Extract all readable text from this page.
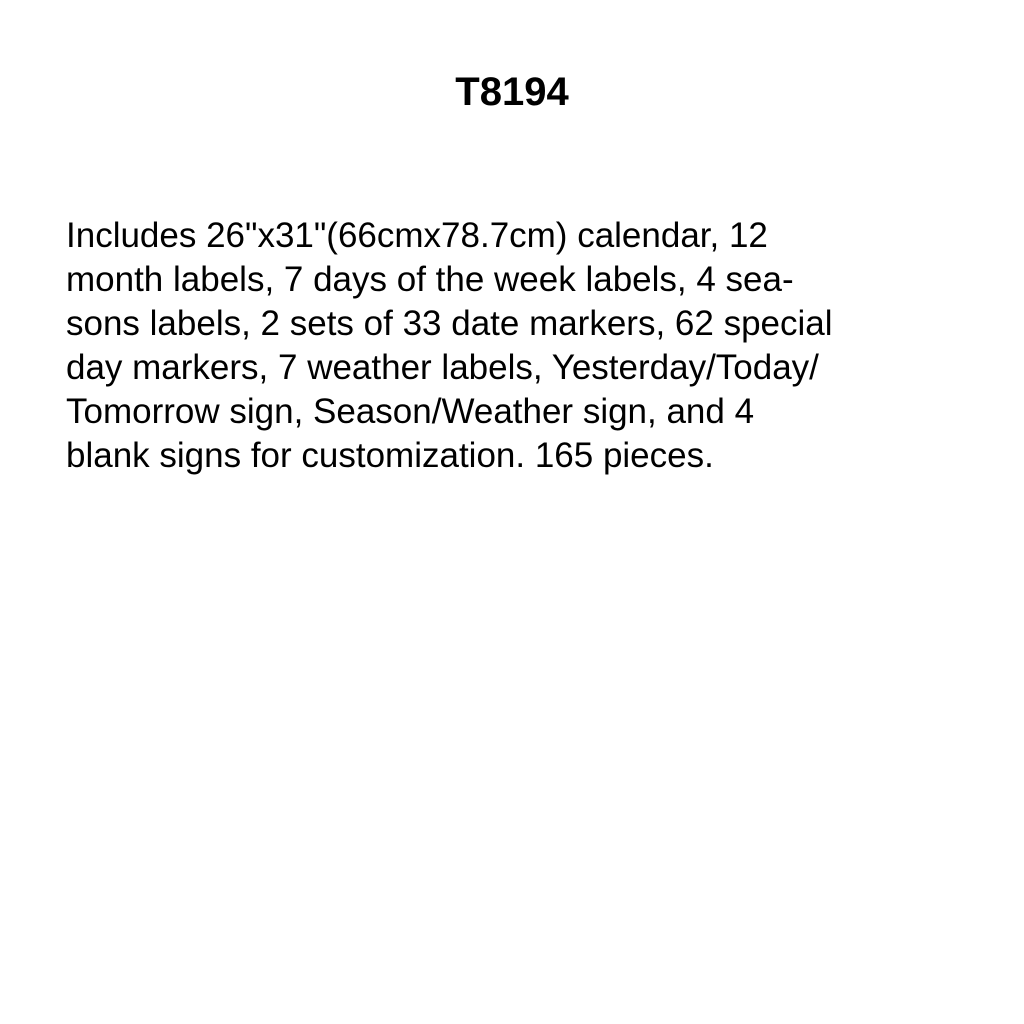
T8194

Includes 26"x31"(66cmx78.7cm) calendar, 12
month labels, 7 days of the week labels, 4 sea-
sons labels, 2 sets of 33 date markers, 62 special
day markers, 7 weather labels, Yesterday/Today/
Tomorrow sign, Season/Weather sign, and 4
blank signs for customization. 165 pieces.
